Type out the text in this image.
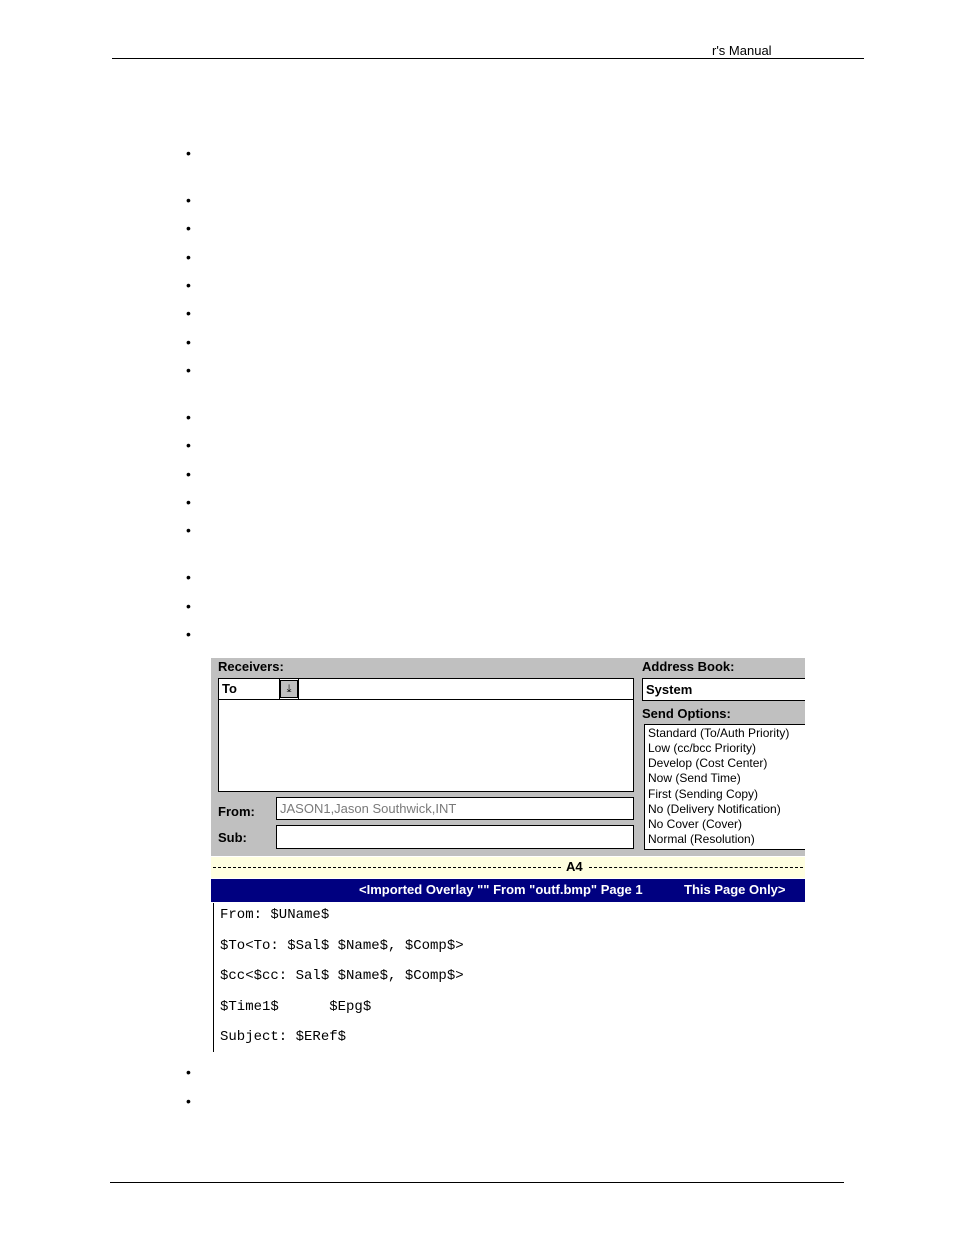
r's Manual
•
•
•
•
•
•
•
•
•
•
•
•
•
•
•
•
Receivers:
To	⤓
Address Book:
System
Send Options:
Standard (To/Auth Priority)
Low (cc/bcc Priority)
Develop (Cost Center)
Now (Send Time)
First (Sending Copy)
No (Delivery Notification)
No Cover (Cover)
Normal (Resolution)
From: JASON1,Jason Southwick,INT
Sub:
A4
<Imported Overlay "" From "outf.bmp" Page 1	This Page Only>
From: $UName$
$To<To: $Sal$ $Name$, $Comp$>
$cc<$cc: Sal$ $Name$, $Comp$>
$Time1$      $Epg$
Subject: $ERef$
•
•
